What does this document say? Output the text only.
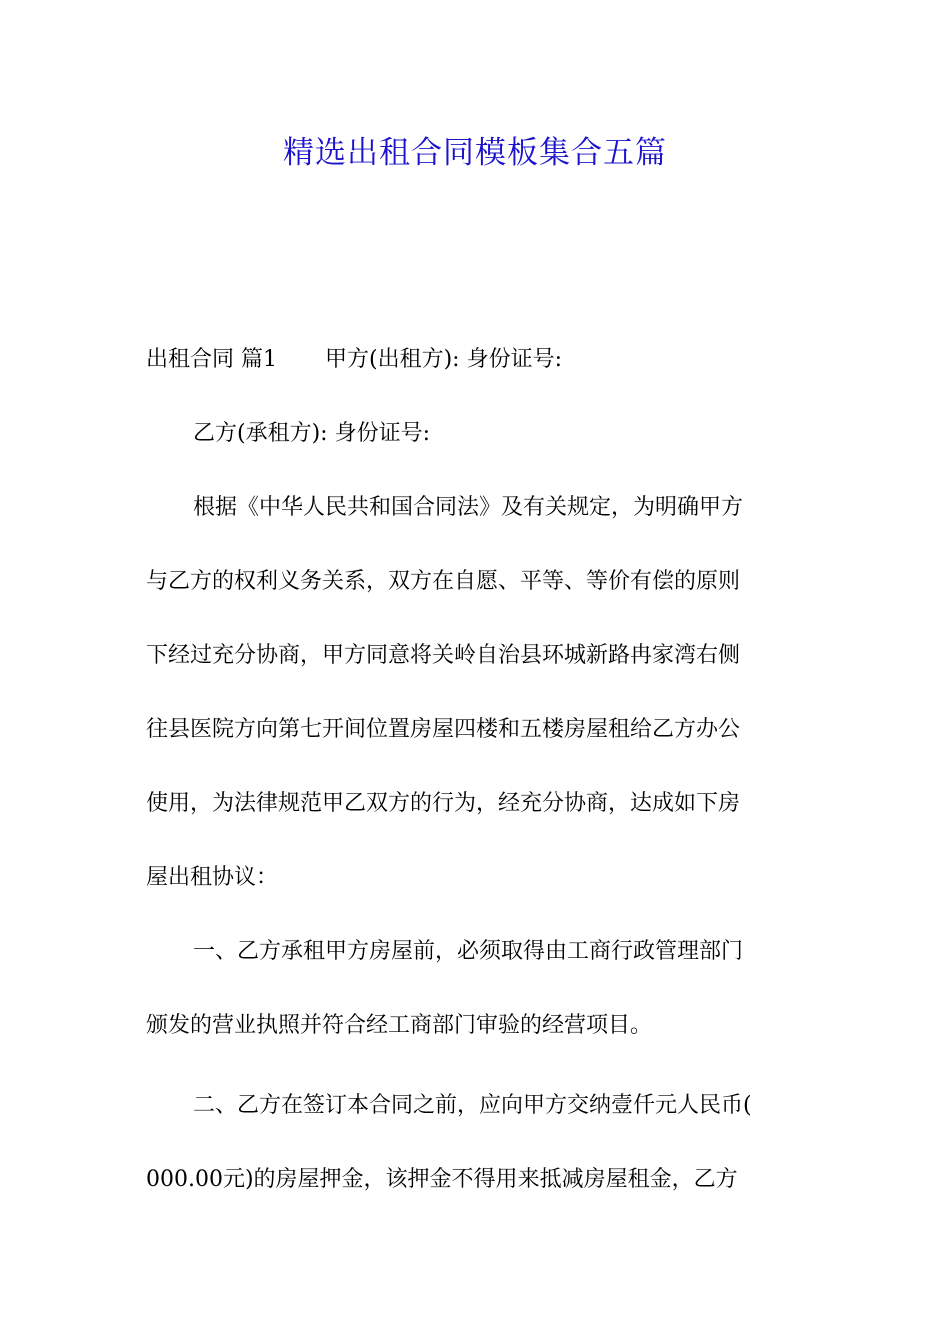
精选出租合同模板集合五篇
出租合同 篇1 甲方(出租方): 身份证号:
乙方(承租方): 身份证号:
根据《中华人民共和国合同法》及有关规定，为明确甲方
与乙方的权利义务关系，双方在自愿、平等、等价有偿的原则
下经过充分协商，甲方同意将关岭自治县环城新路冉家湾右侧
往县医院方向第七开间位置房屋四楼和五楼房屋租给乙方办公
使用，为法律规范甲乙双方的行为，经充分协商，达成如下房
屋出租协议：
一、乙方承租甲方房屋前，必须取得由工商行政管理部门
颁发的营业执照并符合经工商部门审验的经营项目。
二、乙方在签订本合同之前，应向甲方交纳壹仟元人民币(
000.00元)的房屋押金，该押金不得用来抵减房屋租金，乙方
